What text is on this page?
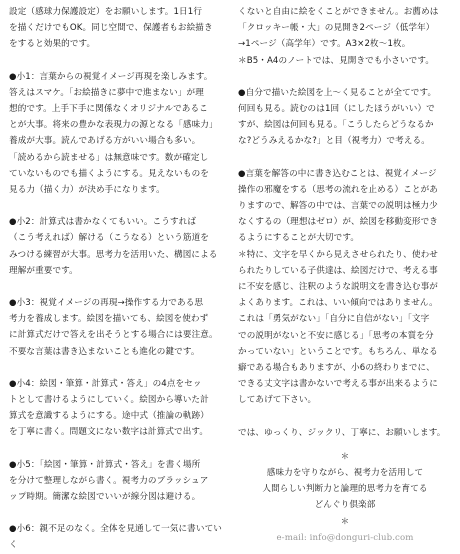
設定（感球力保護設定）をお願いします。1日1行
を描くだけでもOK。同じ空間で、保護者もお絵描き
をすると効果的です。

●小1：言葉からの視覚イメージ再現を楽しみます。
答えはスマケ。「お絵描きに夢中で進まない」が理
想的です。上手下手に関係なくオリジナルであるこ
とが大事。将来の豊かな表現力の源となる「感味力」
養成が大事。読んであげる方がいい場合も多い。
「読めるから読ませる」は無意味です。数が確定し
ていないものでも描くようにする。見えないものを
見る力（描く力）が決め手になります。

●小2：計算式は書かなくてもいい。こうすれば
（こう考えれば）解ける（こうなる）という筋道を
みつける練習が大事。思考力を活用いた、構図による
理解が重要です。

●小3：視覚イメージの再現→操作する力である思
考力を養成します。絵図を描いても、絵図を使わず
に計算式だけで答えを出そうとする場合には要注意。
不要な言葉は書き込まないことも進化の鍵です。

●小4：絵図・筆算・計算式・答え」の4点をセッ
トとして書けるようにしていく。絵図から導いた計
算式を意識するようにする。途中式（推論の軌跡）
を丁寧に書く。問題文にない数字は計算式で出す。

●小5：「絵図・筆算・計算式・答え」を書く場所
を分けて整理しながら書く。視考力のブラッシュア
ップ時期。簡潔な絵図でいいが線分図は避ける。

●小6：親不足のなく。全体を見通して一気に書いていく

くないと自由に絵をくことができません。お薦めは
「クロッキー帳・大」の見開き2ページ（低学年）
→1ページ（高学年）です。A3×2枚～1枚。
＊B5・A4のノートでは、見開きでも小さいです。

●自分で描いた絵図を上～く見ることが全てです。
何回も見る。読むのは1回（にしたほうがいい）で
すが、絵図は何回も見る。「こうしたらどうなるか
な?どうみえるかな?」と目（視考力）で考える。

●言葉を解答の中に書き込むことは、視覚イメージ
操作の邪魔をする（思考の流れを止める）ことがあ
りますので、解答の中では、言葉での説明は極力少
なくするの（理想はゼロ）が、絵図を移動変形でき
るようにすることが大切です。
＊特に、文字を早くから見えさせられたり、使わせ
られたりしている子供達は、絵図だけで、考える事
に不安を感じ、注釈のような説明文を書き込む事が
よくあります。これは、いい傾向ではありません。
これは「勇気がない」「自分に自信がない」「文字
での説明がないと不安に感じる」「思考の本質を分
かっていない」ということです。もちろん、単なる
癖である場合もありますが、小6の終わりまでに、
できる丈文字は書かないで考える事が出来るように
してあげて下さい。

では、ゆっくり、ジックリ、丁寧に、お願いします。

＊

感味力を守りながら、視考力を活用して

人間らしい判断力と論理的思考力を育てる

どんぐり倶楽部

＊

e-mail: info@donguri-club.com
